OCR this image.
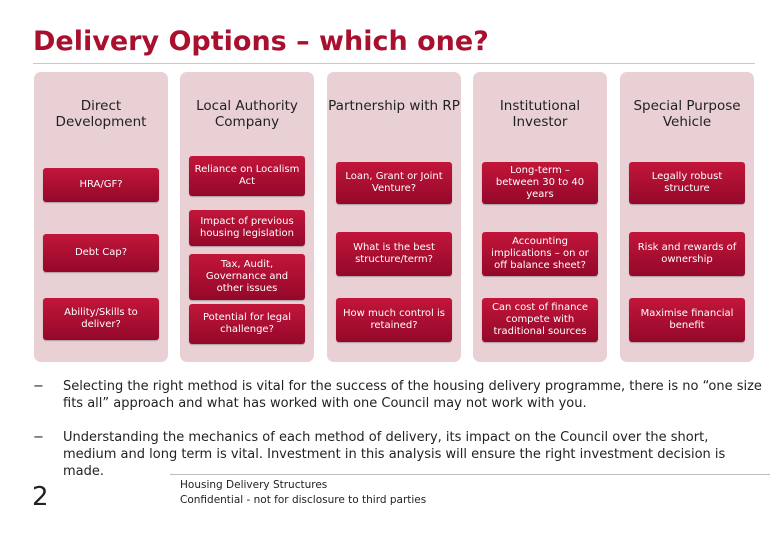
Delivery Options – which one?
Direct Development
HRA/GF?
Debt Cap?
Ability/Skills to deliver?
Local Authority Company
Reliance on Localism Act
Impact of previous housing legislation
Tax, Audit, Governance and other issues
Potential for legal challenge?
Partnership with RP
Loan, Grant or Joint Venture?
What is the best structure/term?
How much control is retained?
Institutional Investor
Long-term – between 30 to 40 years
Accounting implications – on or off balance sheet?
Can cost of finance compete with traditional sources
Special Purpose Vehicle
Legally robust structure
Risk and rewards of ownership
Maximise financial benefit
− Selecting the right method is vital for the success of the housing delivery programme, there is no “one size fits all” approach and what has worked with one Council may not work with you.
− Understanding the mechanics of each method of delivery, its impact on the Council over the short, medium and long term is vital. Investment in this analysis will ensure the right investment decision is made.
2	Housing Delivery Structures
Confidential - not for disclosure to third parties
